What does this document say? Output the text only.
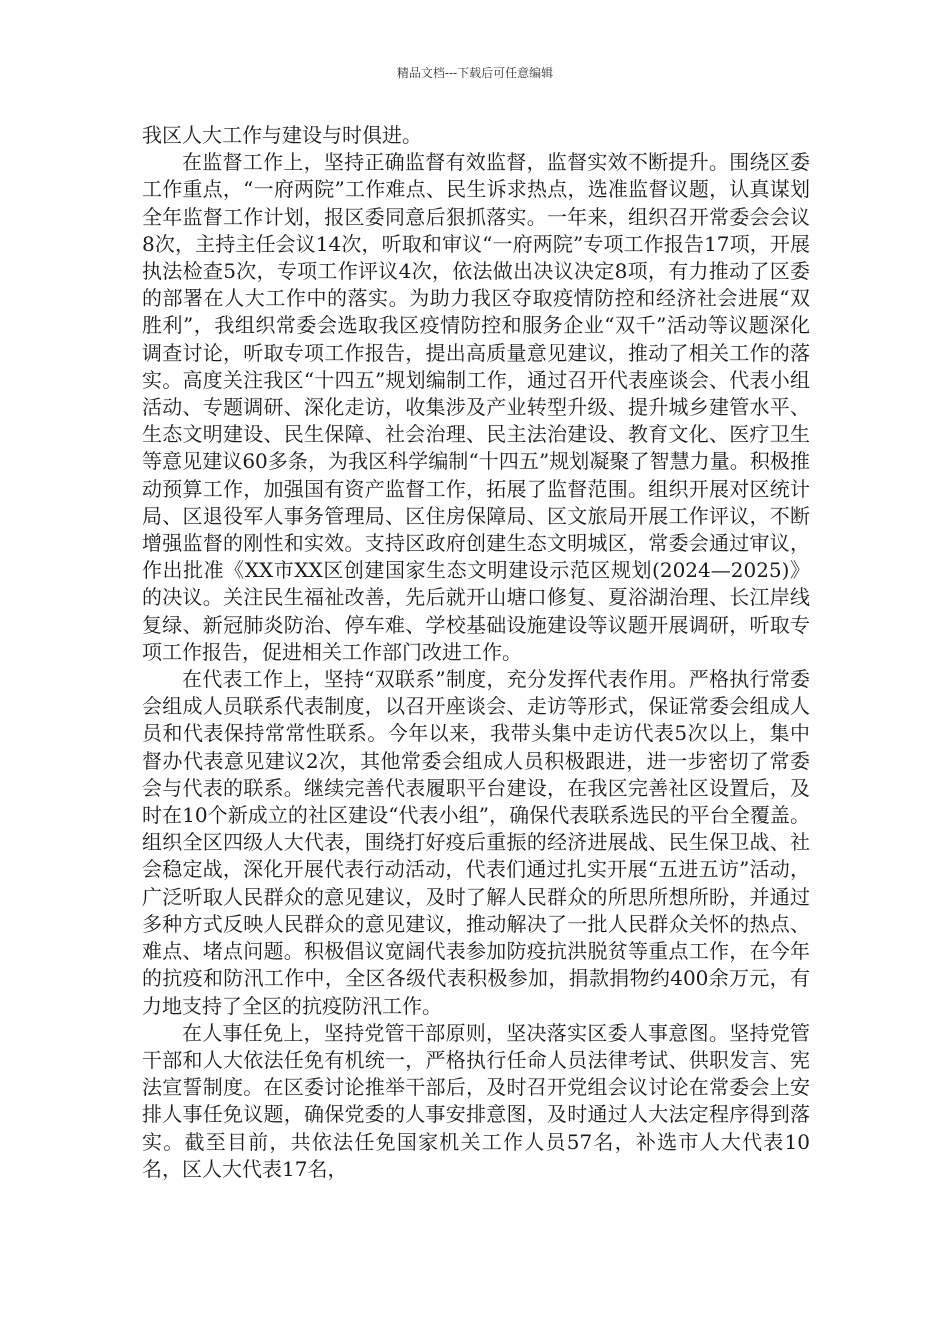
精品文档---下载后可任意编辑

我区人大工作与建设与时俱进。

在监督工作上，坚持正确监督有效监督，监督实效不断提升。围绕区委工作重点，“一府两院”工作难点、民生诉求热点，选准监督议题，认真谋划全年监督工作计划，报区委同意后狠抓落实。一年来，组织召开常委会会议8次，主持主任会议14次，听取和审议“一府两院”专项工作报告17项，开展执法检查5次，专项工作评议4次，依法做出决议决定8项，有力推动了区委的部署在人大工作中的落实。为助力我区夺取疫情防控和经济社会进展“双胜利”，我组织常委会选取我区疫情防控和服务企业“双千”活动等议题深化调查讨论，听取专项工作报告，提出高质量意见建议，推动了相关工作的落实。高度关注我区“十四五”规划编制工作，通过召开代表座谈会、代表小组活动、专题调研、深化走访，收集涉及产业转型升级、提升城乡建管水平、生态文明建设、民生保障、社会治理、民主法治建设、教育文化、医疗卫生等意见建议60多条，为我区科学编制“十四五”规划凝聚了智慧力量。积极推动预算工作，加强国有资产监督工作，拓展了监督范围。组织开展对区统计局、区退役军人事务管理局、区住房保障局、区文旅局开展工作评议，不断增强监督的刚性和实效。支持区政府创建生态文明城区，常委会通过审议，作出批准《XX市XX区创建国家生态文明建设示范区规划(2024—2025)》的决议。关注民生福祉改善，先后就开山塘口修复、夏浴湖治理、长江岸线复绿、新冠肺炎防治、停车难、学校基础设施建设等议题开展调研，听取专项工作报告，促进相关工作部门改进工作。

在代表工作上，坚持“双联系”制度，充分发挥代表作用。严格执行常委会组成人员联系代表制度，以召开座谈会、走访等形式，保证常委会组成人员和代表保持常常性联系。今年以来，我带头集中走访代表5次以上，集中督办代表意见建议2次，其他常委会组成人员积极跟进，进一步密切了常委会与代表的联系。继续完善代表履职平台建设，在我区完善社区设置后，及时在10个新成立的社区建设“代表小组”，确保代表联系选民的平台全覆盖。组织全区四级人大代表，围绕打好疫后重振的经济进展战、民生保卫战、社会稳定战，深化开展代表行动活动，代表们通过扎实开展“五进五访”活动，广泛听取人民群众的意见建议，及时了解人民群众的所思所想所盼，并通过多种方式反映人民群众的意见建议，推动解决了一批人民群众关怀的热点、难点、堵点问题。积极倡议宽阔代表参加防疫抗洪脱贫等重点工作，在今年的抗疫和防汛工作中，全区各级代表积极参加，捐款捐物约400余万元，有力地支持了全区的抗疫防汛工作。

在人事任免上，坚持党管干部原则，坚决落实区委人事意图。坚持党管干部和人大依法任免有机统一，严格执行任命人员法律考试、供职发言、宪法宣誓制度。在区委讨论推举干部后，及时召开党组会议讨论在常委会上安排人事任免议题，确保党委的人事安排意图，及时通过人大法定程序得到落实。截至目前，共依法任免国家机关工作人员57名，补选市人大代表10名，区人大代表17名，
